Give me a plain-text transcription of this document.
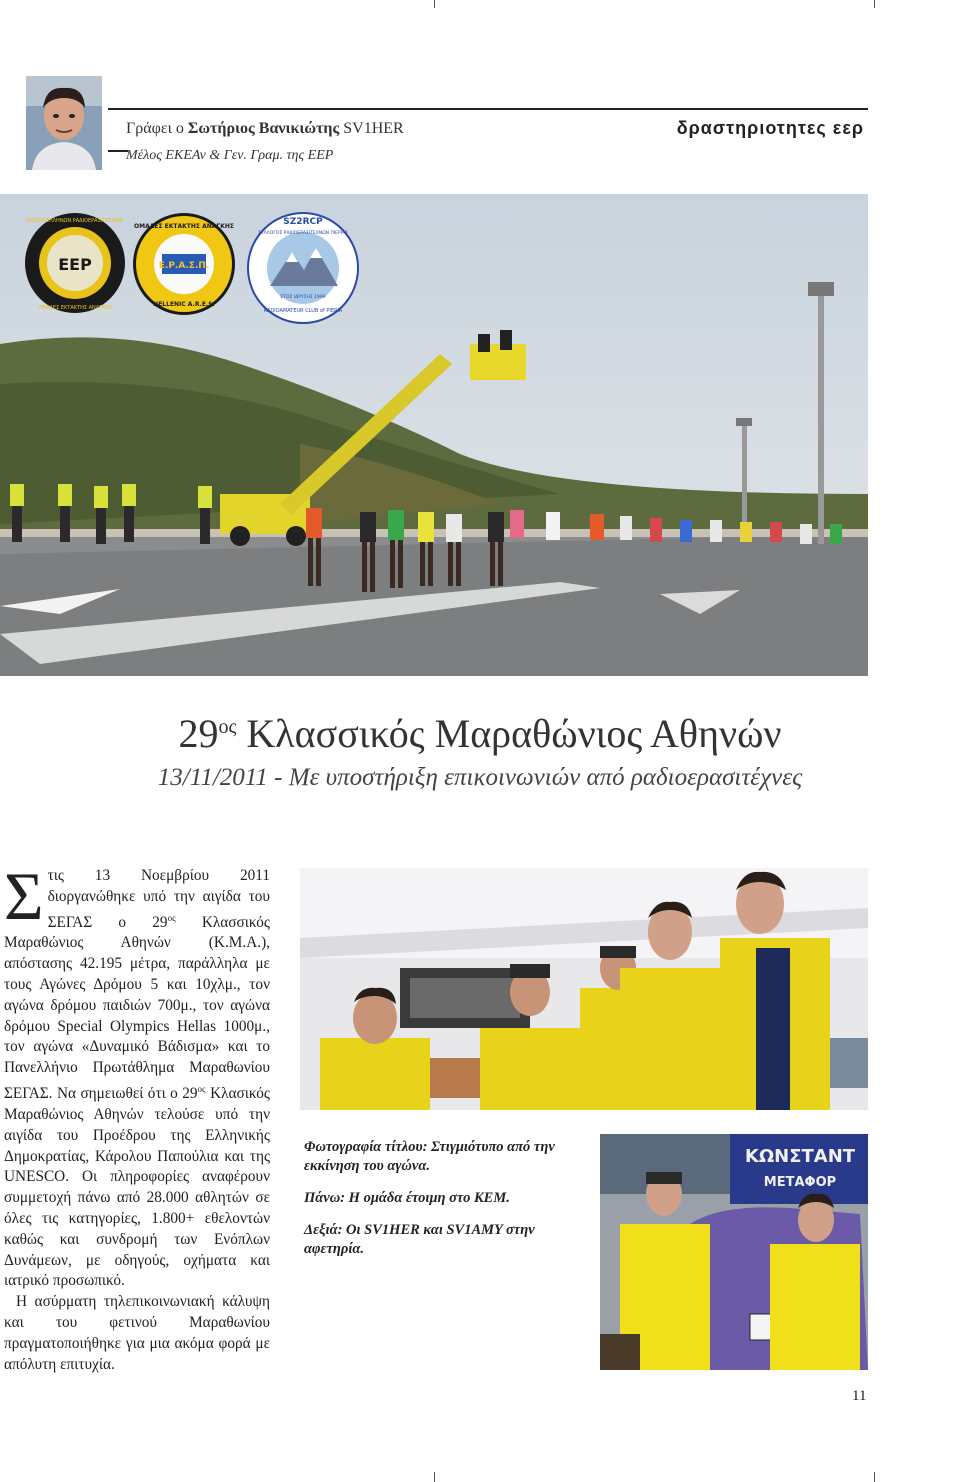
Γράφει ο Σωτήριος Βανικιώτης SV1HER
Μέλος ΕΚΕΑν & Γεν. Γραμ. της ΕΕΡ
δραστηριοτητες εερ
ΕΕΡ
ΕΝΩΣΗ ΕΛΛΗΝΩΝ ΡΑΔΙΟΕΡΑΣΙΤΕΧΝΩΝ
ΟΜΑΔΕΣ ΕΚΤΑΚΤΗΣ ΑΝΑΓΚΗΣ
Ε.Ρ.Α.Σ.Π.
ΟΜΑΔΕΣ ΕΚΤΑΚΤΗΣ ΑΝΑΓΚΗΣ
HELLENIC A.R.E.S.
SZ2RCP
ΣΥΛΛΟΓΟΣ ΡΑΔΙΟΕΡΑΣΙΤΕΧΝΩΝ ΠΙΕΡΙΑΣ
ΕΤΟΣ ΙΔΡΥΣΗΣ 1999
RADIOAMATEUR CLUB of PIERIA
$29^{o\varsigma}$ Κλασσικός Μαραθώνιος Αθηνών
13/11/2011 - Με υποστήριξη επικοινωνιών από ραδιοερασιτέχνες

Στις 13 Νοεμβρίου 2011 διοργανώθηκε υπό την αιγίδα του ΣΕΓΑΣ ο $29^{o\varsigma}$ Κλασσικός Μαραθώνιος Αθηνών (Κ.Μ.Α.), απόστασης 42.195 μέτρα, παράλληλα με τους Αγώνες Δρόμου 5 και 10χλμ., τον αγώνα δρόμου παιδιών 700μ., τον αγώνα δρόμου Special Olympics Hellas 1000μ., τον αγώνα «Δυναμικό Βάδισμα» και το Πανελλήνιο Πρωτάθλημα Μαραθωνίου ΣΕΓΑΣ. Να σημειωθεί ότι ο $29^{o\varsigma}$ Κλασικός Μαραθώνιος Αθηνών τελούσε υπό την αιγίδα του Προέδρου της Ελληνικής Δημοκρατίας, Κάρολου Παπούλια και της UNESCO. Οι πληροφορίες αναφέρουν συμμετοχή πάνω από 28.000 αθλητών σε όλες τις κατηγορίες, 1.800+ εθελοντών καθώς και συνδρομή των Ενόπλων Δυνάμεων, με οδηγούς, οχήματα και ιατρικό προσωπικό.

Η ασύρματη τηλεπικοινωνιακή κάλυψη και του φετινού Μαραθωνίου πραγματοποιήθηκε για μια ακόμα φορά με απόλυτη επιτυχία.

Φωτογραφία τίτλου: Στιγμιότυπο από την εκκίνηση του αγώνα.

Πάνω: Η ομάδα έτοιμη στο ΚΕΜ.

Δεξιά: Οι SV1HER και SV1AMY στην αφετηρία.

ΚΩΝΣΤΑΝΤ
ΜΕΤΑΦΟΡ
11
